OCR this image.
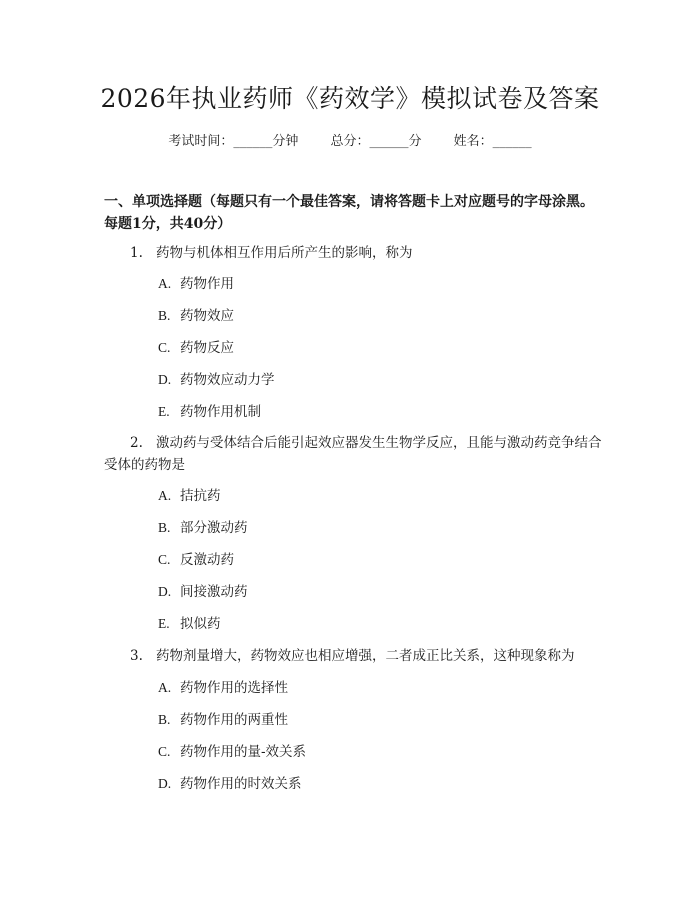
2026年执业药师《药效学》模拟试卷及答案
考试时间：______分钟 总分：______分 姓名：______
一、单项选择题（每题只有一个最佳答案，请将答题卡上对应题号的字母涂黑。每题1分，共40分）
1. 药物与机体相互作用后所产生的影响，称为
A. 药物作用
B. 药物效应
C. 药物反应
D. 药物效应动力学
E. 药物作用机制
2. 激动药与受体结合后能引起效应器发生生物学反应，且能与激动药竞争结合受体的药物是
A. 拮抗药
B. 部分激动药
C. 反激动药
D. 间接激动药
E. 拟似药
3. 药物剂量增大，药物效应也相应增强，二者成正比关系，这种现象称为
A. 药物作用的选择性
B. 药物作用的两重性
C. 药物作用的量-效关系
D. 药物作用的时效关系
